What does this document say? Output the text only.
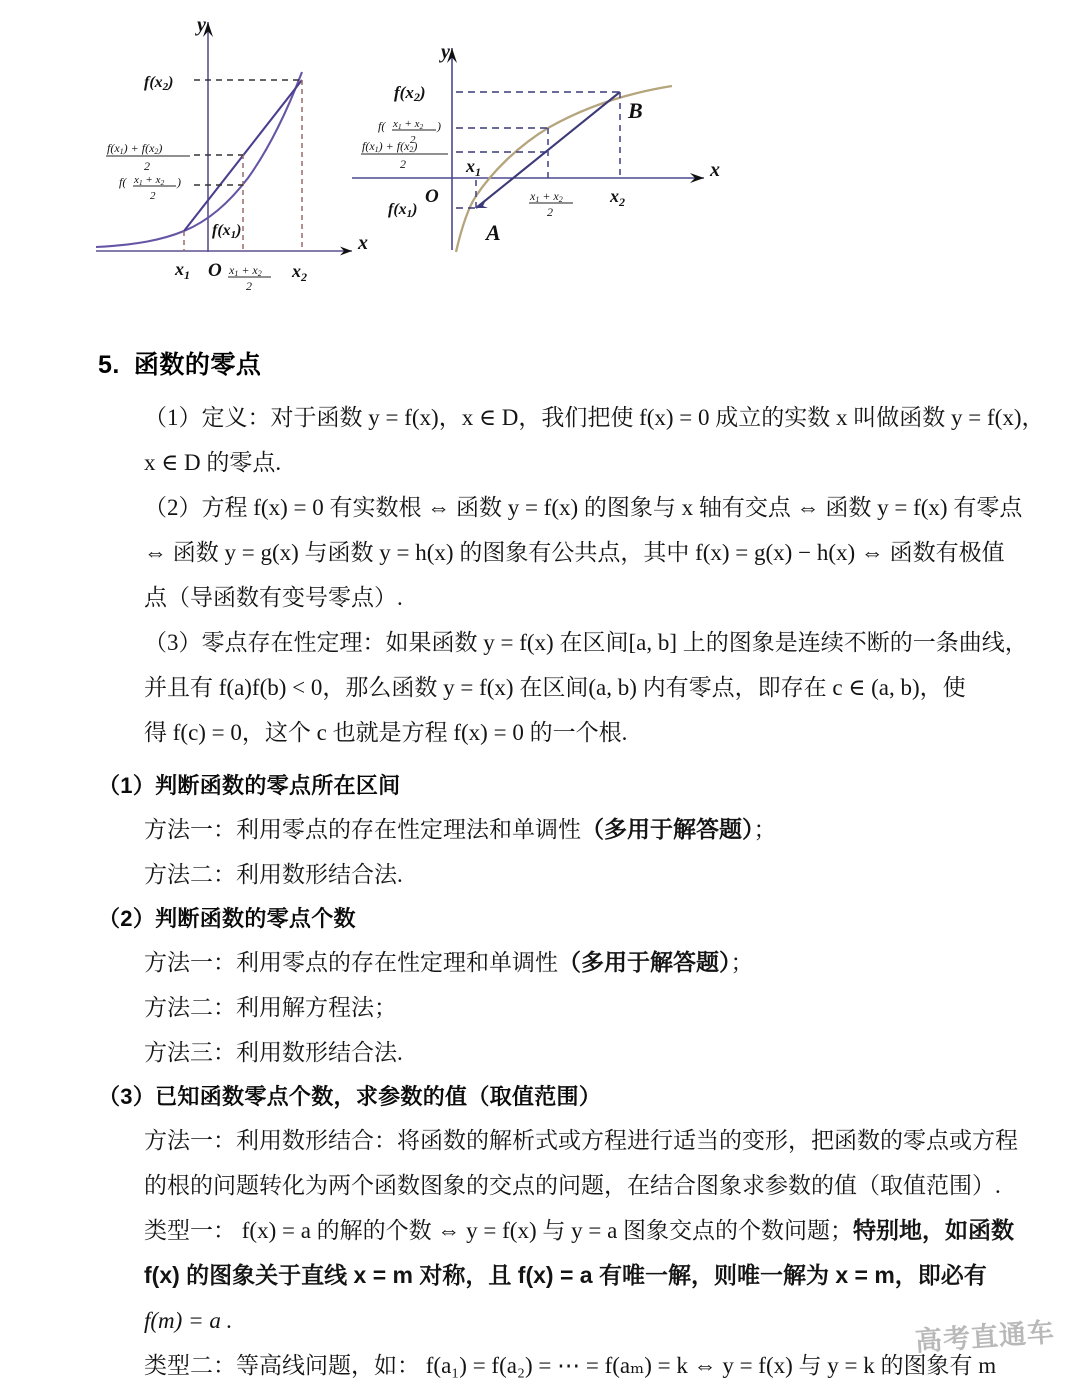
y
x
f(x2)
f(x1) + f(x2)
2
f( x1 + x2
2
)
f(x1)
$x_1$ O x1 + x2
2
$x_2$
y
x
f(x2)
f( x1 + x2
2
)
f(x1) + f(x2)
2	$x_1$
O	x1 + x2
2
$x_2$
f(x1)
A
B
5. 函数的零点

（1）定义：对于函数 y = f(x)，x ∈ D，我们把使 f(x) = 0 成立的实数 x 叫做函数 y = f(x)，

x ∈ D 的零点.

（2）方程 f(x) = 0 有实数根 ⇔ 函数 y = f(x) 的图象与 x 轴有交点 ⇔ 函数 y = f(x) 有零点

⇔ 函数 y = g(x) 与函数 y = h(x) 的图象有公共点，其中 f(x) = g(x) − h(x) ⇔ 函数有极值

点（导函数有变号零点）.

（3）零点存在性定理：如果函数 y = f(x) 在区间[a, b] 上的图象是连续不断的一条曲线，

并且有 f(a)f(b) < 0，那么函数 y = f(x) 在区间(a, b) 内有零点，即存在 c ∈ (a, b)，使

得 f(c) = 0，这个 c 也就是方程 f(x) = 0 的一个根.

（1）判断函数的零点所在区间

方法一：利用零点的存在性定理法和单调性（多用于解答题）；

方法二：利用数形结合法.

（2）判断函数的零点个数

方法一：利用零点的存在性定理和单调性（多用于解答题）；

方法二：利用解方程法；

方法三：利用数形结合法.

（3）已知函数零点个数，求参数的值（取值范围）

方法一：利用数形结合：将函数的解析式或方程进行适当的变形，把函数的零点或方程

的根的问题转化为两个函数图象的交点的问题，在结合图象求参数的值（取值范围）.

类型一： f(x) = a 的解的个数 ⇔ y = f(x) 与 y = a 图象交点的个数问题；特别地，如函数

f(x) 的图象关于直线 x = m 对称，且 f(x) = a 有唯一解，则唯一解为 x = m，即必有

f(m) = a .

类型二：等高线问题，如： f(a₁) = f(a₂) = ⋯ = f(aₘ) = k ⇔ y = f(x) 与 y = k 的图象有 m

高考直通车
